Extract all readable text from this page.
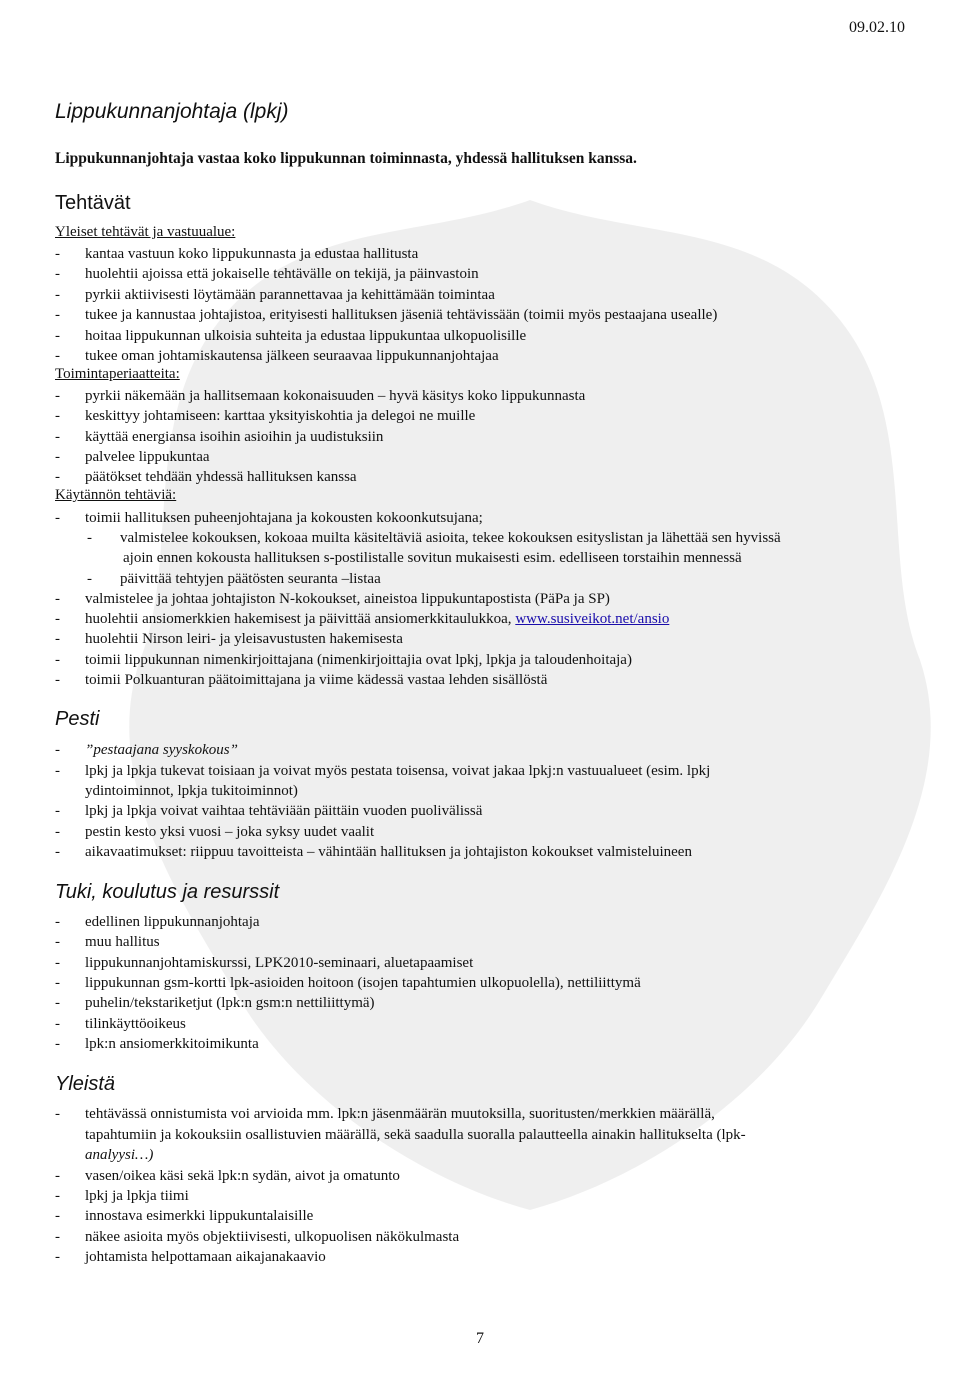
09.02.10
Lippukunnanjohtaja (lpkj)

Lippukunnanjohtaja vastaa koko lippukunnan toiminnasta, yhdessä hallituksen kanssa.

Tehtävät
Yleiset tehtävät ja vastuualue:
- kantaa vastuun koko lippukunnasta ja edustaa hallitusta
- huolehtii ajoissa että jokaiselle tehtävälle on tekijä, ja päinvastoin
- pyrkii aktiivisesti löytämään parannettavaa ja kehittämään toimintaa
- tukee ja kannustaa johtajistoa, erityisesti hallituksen jäseniä tehtävissään (toimii myös pestaajana usealle)
- hoitaa lippukunnan ulkoisia suhteita ja edustaa lippukuntaa ulkopuolisille
- tukee oman johtamiskautensa jälkeen seuraavaa lippukunnanjohtajaa
Toimintaperiaatteita:
- pyrkii näkemään ja hallitsemaan kokonaisuuden – hyvä käsitys koko lippukunnasta
- keskittyy johtamiseen: karttaa yksityiskohtia ja delegoi ne muille
- käyttää energiansa isoihin asioihin ja uudistuksiin
- palvelee lippukuntaa
- päätökset tehdään yhdessä hallituksen kanssa
Käytännön tehtäviä:
- toimii hallituksen puheenjohtajana ja kokousten kokoonkutsujana;
- valmistelee kokouksen, kokoaa muilta käsiteltäviä asioita, tekee kokouksen esityslistan ja lähettää sen hyvissä
ajoin ennen kokousta hallituksen s-postilistalle sovitun mukaisesti esim. edelliseen torstaihin mennessä
- päivittää tehtyjen päätösten seuranta –listaa
- valmistelee ja johtaa johtajiston N-kokoukset, aineistoa lippukuntapostista (PäPa ja SP)
- huolehtii ansiomerkkien hakemisest ja päivittää ansiomerkkitaulukkoa, www.susiveikot.net/ansio
- huolehtii Nirson leiri- ja yleisavustusten hakemisesta
- toimii lippukunnan nimenkirjoittajana (nimenkirjoittajia ovat lpkj, lpkja ja taloudenhoitaja)
- toimii Polkuanturan päätoimittajana ja viime kädessä vastaa lehden sisällöstä
Pesti
- ”pestaajana syyskokous”
- lpkj ja lpkja tukevat toisiaan ja voivat myös pestata toisensa, voivat jakaa lpkj:n vastuualueet (esim. lpkj
ydintoiminnot, lpkja tukitoiminnot)
- lpkj ja lpkja voivat vaihtaa tehtäviään päittäin vuoden puolivälissä
- pestin kesto yksi vuosi – joka syksy uudet vaalit
- aikavaatimukset: riippuu tavoitteista – vähintään hallituksen ja johtajiston kokoukset valmisteluineen
Tuki, koulutus ja resurssit
- edellinen lippukunnanjohtaja
- muu hallitus
- lippukunnanjohtamiskurssi, LPK2010-seminaari, aluetapaamiset
- lippukunnan gsm-kortti lpk-asioiden hoitoon (isojen tapahtumien ulkopuolella), nettiliittymä
- puhelin/tekstariketjut (lpk:n gsm:n nettiliittymä)
- tilinkäyttöoikeus
- lpk:n ansiomerkkitoimikunta
Yleistä
- tehtävässä onnistumista voi arvioida mm. lpk:n jäsenmäärän muutoksilla, suoritusten/merkkien määrällä,
tapahtumiin ja kokouksiin osallistuvien määrällä, sekä saadulla suoralla palautteella ainakin hallitukselta (lpk-
analyysi…)
- vasen/oikea käsi sekä lpk:n sydän, aivot ja omatunto
- lpkj ja lpkja tiimi
- innostava esimerkki lippukuntalaisille
- näkee asioita myös objektiivisesti, ulkopuolisen näkökulmasta
- johtamista helpottamaan aikajanakaavio
7
